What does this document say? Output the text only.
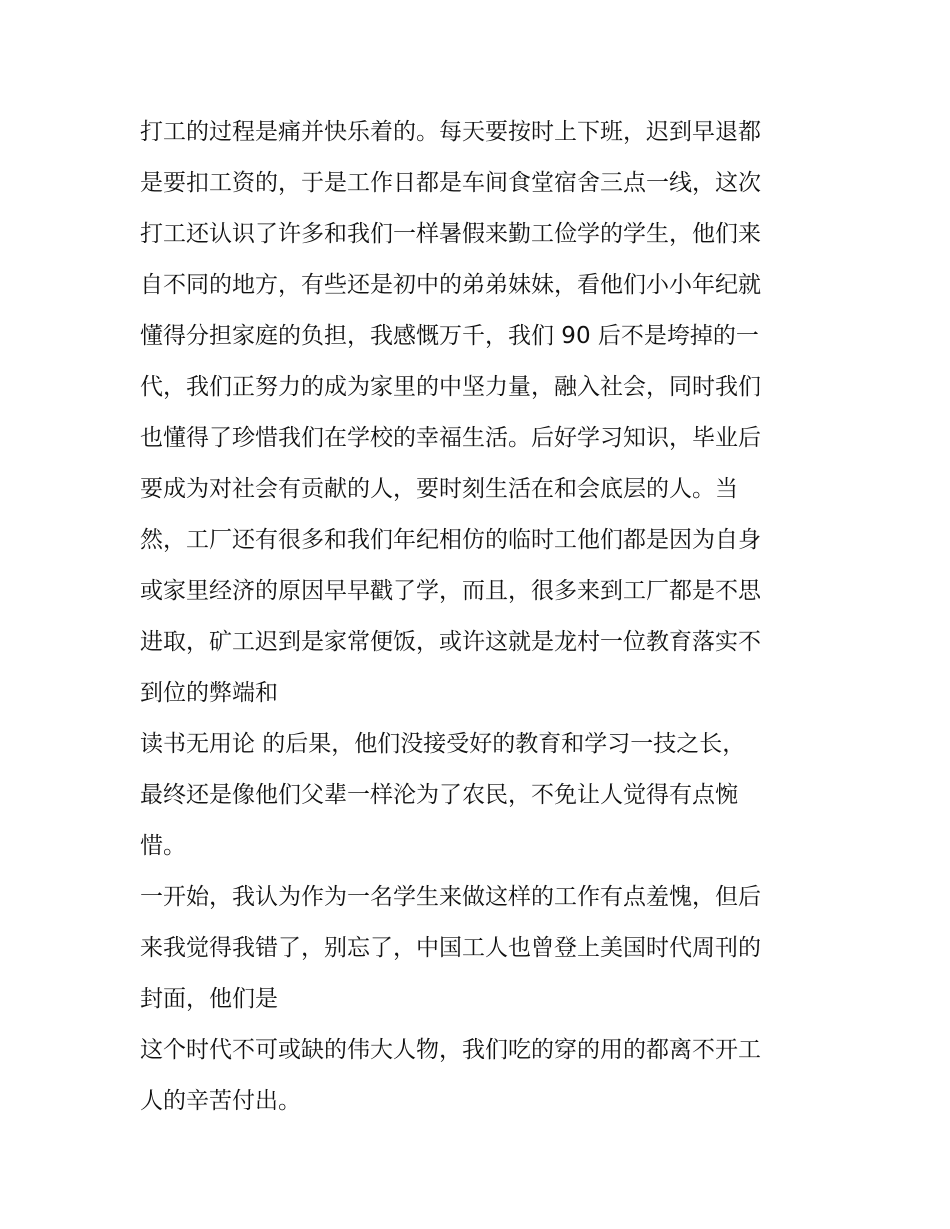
打工的过程是痛并快乐着的。每天要按时上下班，迟到早退都
是要扣工资的，于是工作日都是车间食堂宿舍三点一线，这次
打工还认识了许多和我们一样暑假来勤工俭学的学生，他们来
自不同的地方，有些还是初中的弟弟妹妹，看他们小小年纪就
懂得分担家庭的负担，我感慨万千，我们 90 后不是垮掉的一
代，我们正努力的成为家里的中坚力量，融入社会，同时我们
也懂得了珍惜我们在学校的幸福生活。后好学习知识，毕业后
要成为对社会有贡献的人，要时刻生活在和会底层的人。当
然，工厂还有很多和我们年纪相仿的临时工他们都是因为自身
或家里经济的原因早早戳了学，而且，很多来到工厂都是不思
进取，矿工迟到是家常便饭，或许这就是龙村一位教育落实不
到位的弊端和
读书无用论 的后果，他们没接受好的教育和学习一技之长，
最终还是像他们父辈一样沦为了农民，不免让人觉得有点惋
惜。
一开始，我认为作为一名学生来做这样的工作有点羞愧，但后
来我觉得我错了，别忘了，中国工人也曾登上美国时代周刊的
封面，他们是
这个时代不可或缺的伟大人物，我们吃的穿的用的都离不开工
人的辛苦付出。
